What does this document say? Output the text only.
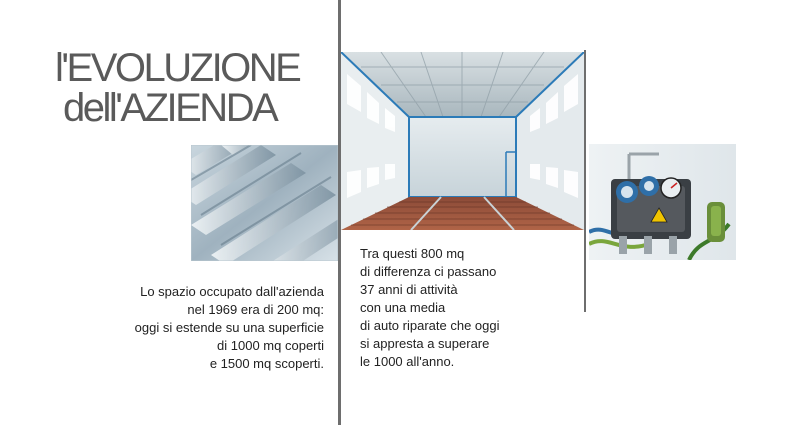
l'EVOLUZIONE
dell'AZIENDA
Lo spazio occupato dall'azienda
nel 1969 era di 200 mq:
oggi si estende su una superficie
di 1000 mq coperti
e 1500 mq scoperti.
Tra questi 800 mq
di differenza ci passano
37 anni di attività
con una media
di auto riparate che oggi
si appresta a superare
le 1000 all'anno.
